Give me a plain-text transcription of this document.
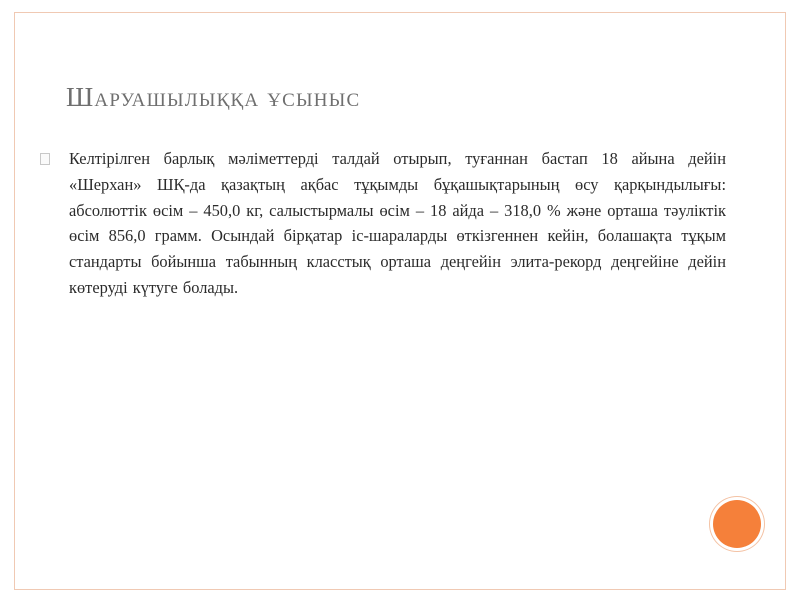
Шаруашылыққа ұсыныс
Келтірілген барлық мәліметтерді талдай отырып, туғаннан бастап 18 айына дейін «Шерхан» ШҚ-да қазақтың ақбас тұқымды бұқашықтарының өсу қарқындылығы: абсолюттік өсім – 450,0 кг, салыстырмалы өсім – 18 айда – 318,0 % және орташа тәуліктік өсім 856,0 грамм. Осындай бірқатар іс-шараларды өткізгеннен кейін, болашақта тұқым стандарты бойынша табынның класстық орташа деңгейін элита-рекорд деңгейіне дейін көтеруді күтуге болады.
